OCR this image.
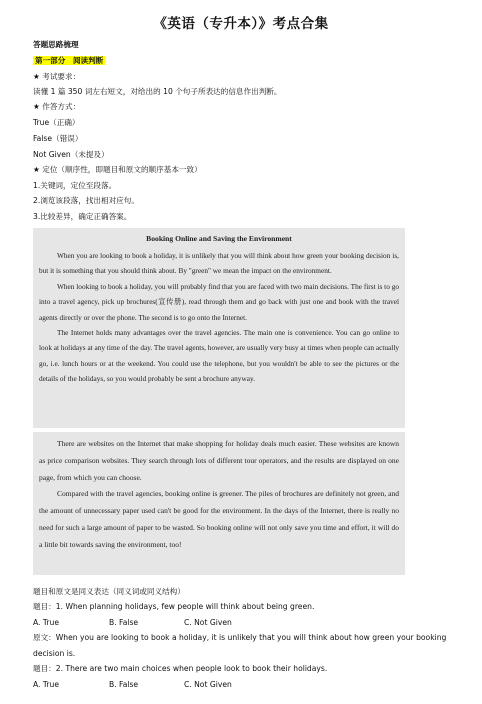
《英语（专升本）》考点合集
答题思路梳理
第一部分　阅读判断
★ 考试要求：
读懂 1 篇 350 词左右短文，对给出的 10 个句子所表达的信息作出判断。
★ 作答方式：
True（正确）
False（错误）
Not Given（未提及）
★ 定位（顺序性，即题目和原文的顺序基本一致）
1.关键词，定位至段落。
2.浏览该段落，找出相对应句。
3.比较差异，确定正确答案。
Booking Online and Saving the Environment

When you are looking to book a holiday, it is unlikely that you will think about how green your booking decision is, but it is something that you should think about. By "green" we mean the impact on the environment.

When looking to book a holiday, you will probably find that you are faced with two main decisions. The first is to go into a travel agency, pick up brochures(宣传册), read through them and go back with just one and book with the travel agents directly or over the phone. The second is to go onto the Internet.

The Internet holds many advantages over the travel agencies. The main one is convenience. You can go online to look at holidays at any time of the day. The travel agents, however, are usually very busy at times when people can actually go, i.e. lunch hours or at the weekend. You could use the telephone, but you wouldn't be able to see the pictures or the details of the holidays, so you would probably be sent a brochure anyway.

There are websites on the Internet that make shopping for holiday deals much easier. These websites are known as price comparison websites. They search through lots of different tour operators, and the results are displayed on one page, from which you can choose.

Compared with the travel agencies, booking online is greener. The piles of brochures are definitely not green, and the amount of unnecessary paper used can't be good for the environment. In the days of the Internet, there is really no need for such a large amount of paper to be wasted. So booking online will not only save you time and effort, it will do a little bit towards saving the environment, too!

题目和原文是同义表达（同义词或同义结构）
题目：1. When planning holidays, few people will think about being green.
A. True	B. False	C. Not Given
原文：When you are looking to book a holiday, it is unlikely that you will think about how green your booking
decision is.
题目：2. There are two main choices when people look to book their holidays.
A. True	B. False	C. Not Given
